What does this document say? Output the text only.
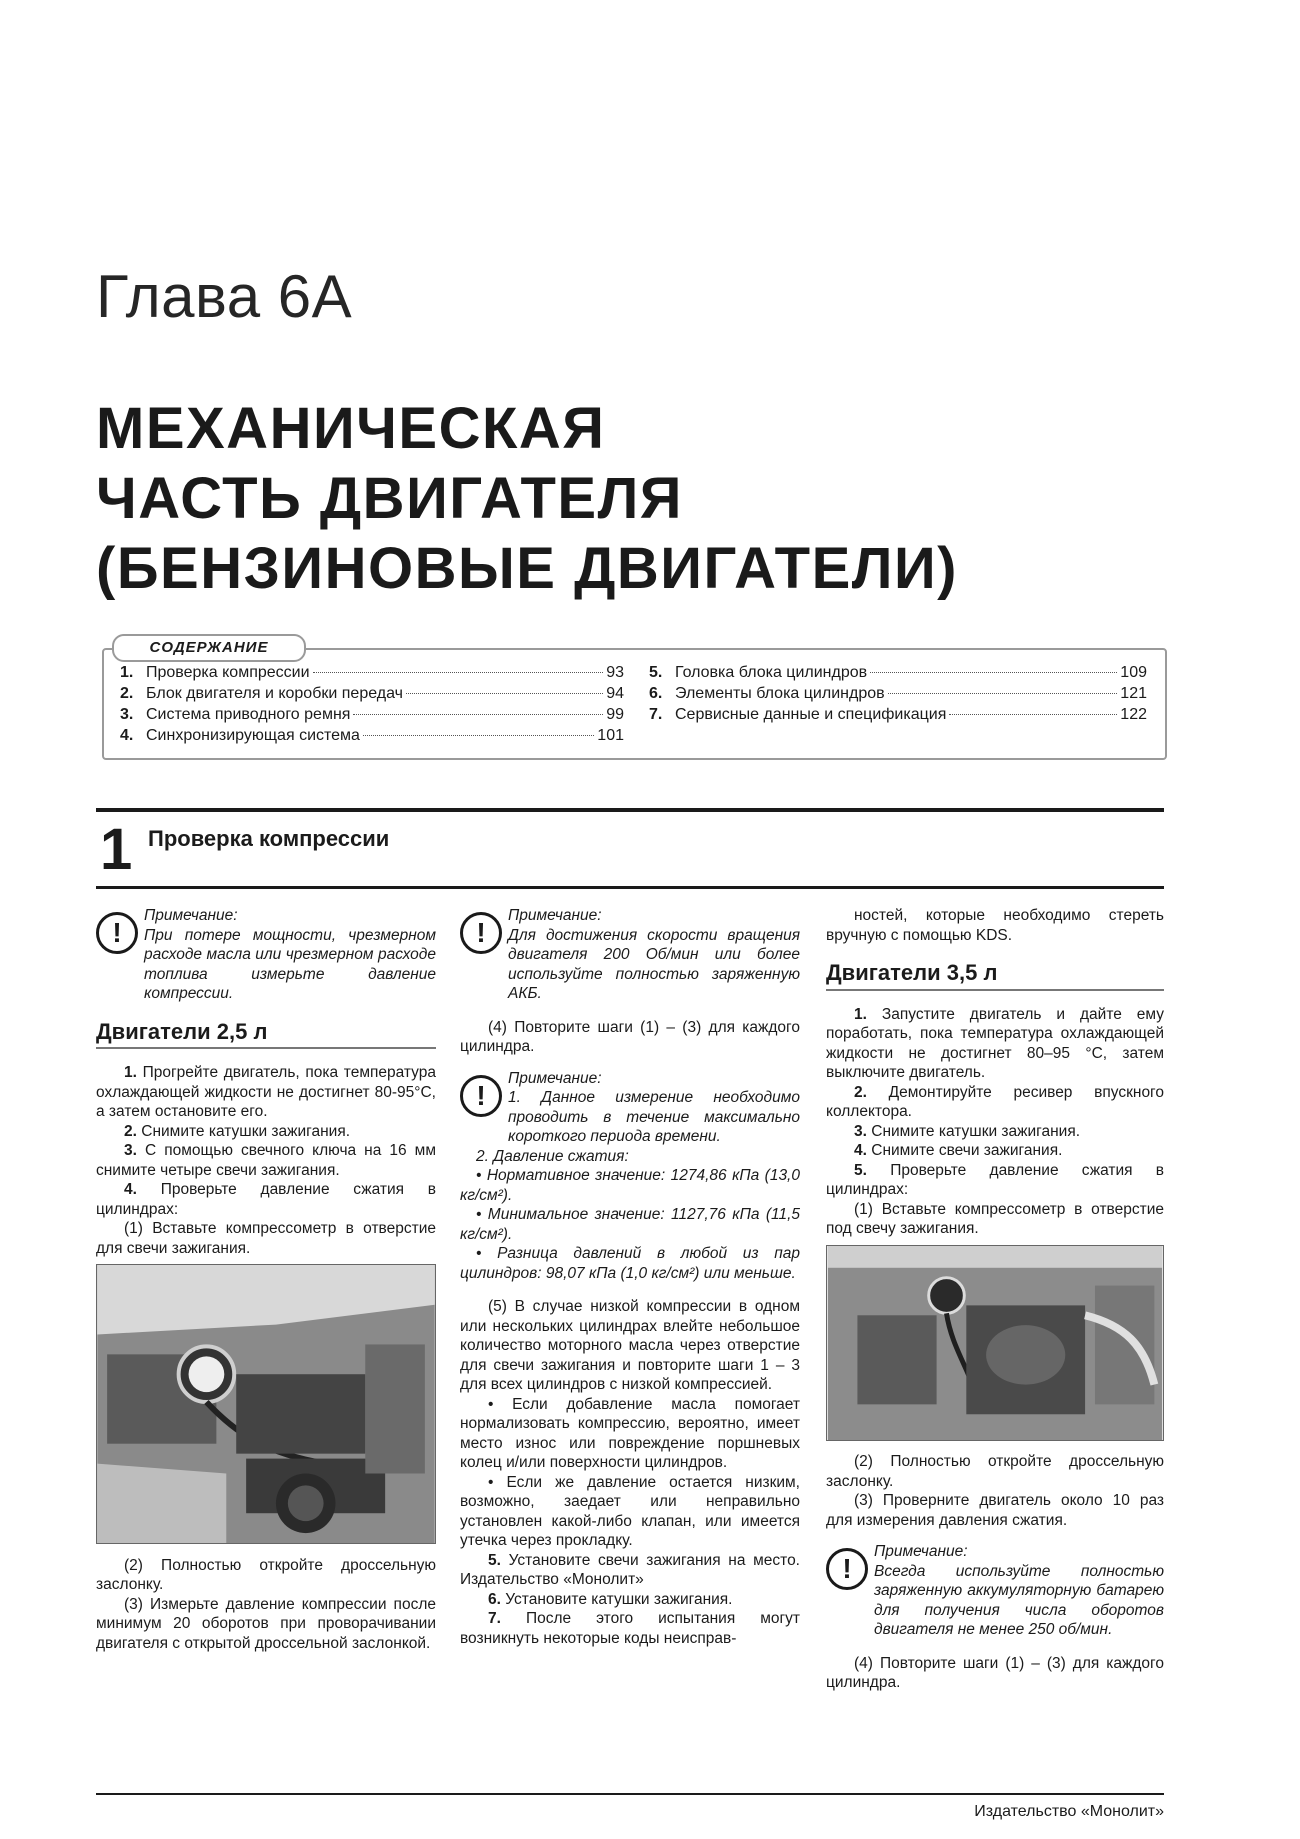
Глава 6А
МЕХАНИЧЕСКАЯ
ЧАСТЬ ДВИГАТЕЛЯ
(БЕНЗИНОВЫЕ ДВИГАТЕЛИ)
1. Проверка компрессии	93
2. Блок двигателя и коробки передач	94
3. Система приводного ремня	99
4. Синхронизирующая система	101
5. Головка блока цилиндров	109
6. Элементы блока цилиндров	121
7. Сервисные данные и спецификация	122
СОДЕРЖАНИЕ
1 Проверка компрессии
!
Примечание:
При потере мощности, чрезмерном расходе масла или чрезмерном расходе топлива измерьте давление компрессии.
Двигатели 2,5 л

1. Прогрейте двигатель, пока температура охлаждающей жидкости не достигнет 80-95°С, а затем остановите его.

2. Снимите катушки зажигания.

3. С помощью свечного ключа на 16 мм снимите четыре свечи зажигания.

4. Проверьте давление сжатия в цилиндрах:

(1) Вставьте компрессометр в отверстие для свечи зажигания.

(2) Полностью откройте дроссельную заслонку.

(3) Измерьте давление компрессии после минимум 20 оборотов при проворачивании двигателя с открытой дроссельной заслонкой.

!
Примечание:
Для достижения скорости вращения двигателя 200 Об/мин или более используйте полностью заряженную АКБ.

(4) Повторите шаги (1) – (3) для каждого цилиндра.

!
Примечание:
1. Данное измерение необходимо проводить в течение максимально короткого периода времени.

2. Давление сжатия:

• Нормативное значение: 1274,86 кПа (13,0 кг/см²).

• Минимальное значение: 1127,76 кПа (11,5 кг/см²).

• Разница давлений в любой из пар цилиндров: 98,07 кПа (1,0 кг/см²) или меньше.

(5) В случае низкой компрессии в одном или нескольких цилиндрах влейте небольшое количество моторного масла через отверстие для свечи зажигания и повторите шаги 1 – 3 для всех цилиндров с низкой компрессией.

• Если добавление масла помогает нормализовать компрессию, вероятно, имеет место износ или повреждение поршневых колец и/или поверхности цилиндров.

• Если же давление остается низким, возможно, заедает или неправильно установлен какой-либо клапан, или имеется утечка через прокладку.

5. Установите свечи зажигания на место. Издательство «Монолит»

6. Установите катушки зажигания.

7. После этого испытания могут возникнуть некоторые коды неисправ-

ностей, которые необходимо стереть вручную с помощью KDS.

Двигатели 3,5 л

1. Запустите двигатель и дайте ему поработать, пока температура охлаждающей жидкости не достигнет 80–95 °С, затем выключите двигатель.

2. Демонтируйте ресивер впускного коллектора.

3. Снимите катушки зажигания.

4. Снимите свечи зажигания.

5. Проверьте давление сжатия в цилиндрах:

(1) Вставьте компрессометр в отверстие под свечу зажигания.

(2) Полностью откройте дроссельную заслонку.

(3) Проверните двигатель около 10 раз для измерения давления сжатия.

!
Примечание:
Всегда используйте полностью заряженную аккумуляторную батарею для получения числа оборотов двигателя не менее 250 об/мин.

(4) Повторите шаги (1) – (3) для каждого цилиндра.

Издательство «Монолит»
